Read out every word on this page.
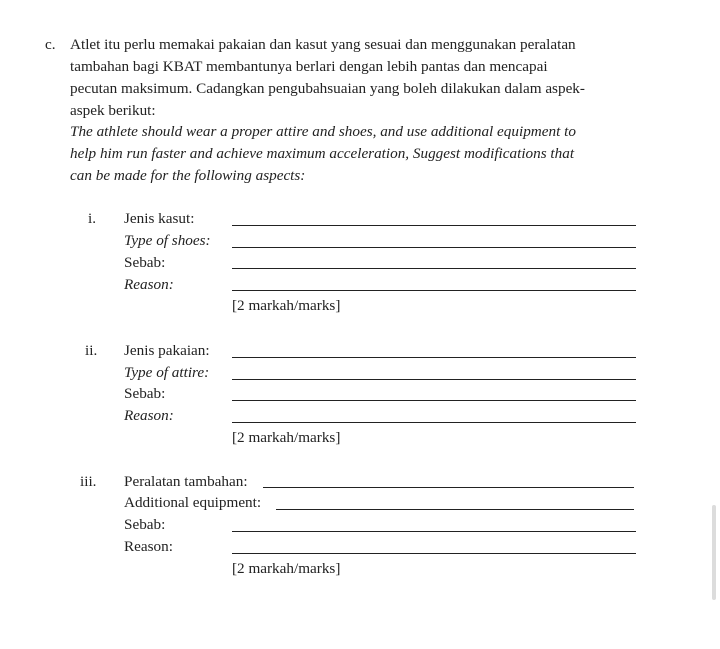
c. Atlet itu perlu memakai pakaian dan kasut yang sesuai dan menggunakan peralatan
tambahan bagi KBAT membantunya berlari dengan lebih pantas dan mencapai
pecutan maksimum. Cadangkan pengubahsuaian yang boleh dilakukan dalam aspek-
aspek berikut:
The athlete should wear a proper attire and shoes, and use additional equipment to
help him run faster and achieve maximum acceleration, Suggest modifications that
can be made for the following aspects:
i. Jenis kasut:
Type of shoes:
Sebab:
Reason:
[2 markah/marks]
ii. Jenis pakaian:
Type of attire:
Sebab:
Reason:
[2 markah/marks]
iii. Peralatan tambahan:
Additional equipment:
Sebab:
Reason:
[2 markah/marks]
